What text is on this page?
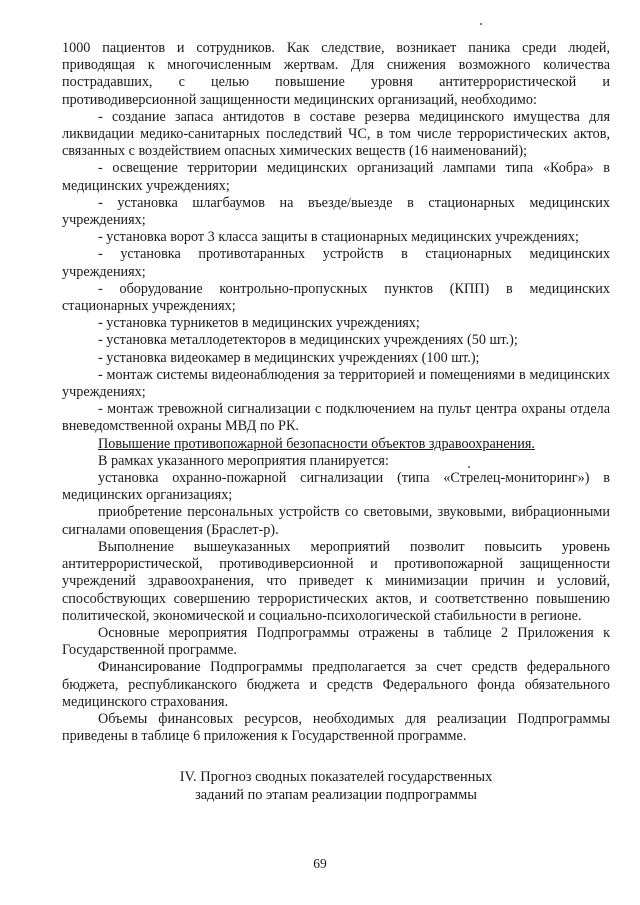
1000 пациентов и сотрудников. Как следствие, возникает паника среди людей, приводящая к многочисленным жертвам. Для снижения возможного количества пострадавших, с целью повышение уровня антитеррористической и противодиверсионной защищенности медицинских организаций, необходимо:

- создание запаса антидотов в составе резерва медицинского имущества для ликвидации медико-санитарных последствий ЧС, в том числе террористических актов, связанных с воздействием опасных химических веществ (16 наименований);

- освещение территории медицинских организаций лампами типа «Кобра» в медицинских учреждениях;

- установка шлагбаумов на въезде/выезде в стационарных медицинских учреждениях;

- установка ворот 3 класса защиты в стационарных медицинских учреждениях;

- установка противотаранных устройств в стационарных медицинских учреждениях;

- оборудование контрольно-пропускных пунктов (КПП) в медицинских стационарных учреждениях;

- установка турникетов в медицинских учреждениях;

- установка металлодетекторов в медицинских учреждениях (50 шт.);

- установка видеокамер в медицинских учреждениях (100 шт.);

- монтаж системы видеонаблюдения за территорией и помещениями в медицинских учреждениях;

- монтаж тревожной сигнализации с подключением на пульт центра охраны отдела вневедомственной охраны МВД по РК.

Повышение противопожарной безопасности объектов здравоохранения.

В рамках указанного мероприятия планируется:

установка охранно-пожарной сигнализации (типа «Стрелец-мониторинг») в медицинских организациях;

приобретение персональных устройств со световыми, звуковыми, вибрационными сигналами оповещения (Браслет-р).

Выполнение вышеуказанных мероприятий позволит повысить уровень антитеррористической, противодиверсионной и противопожарной защищенности учреждений здравоохранения, что приведет к минимизации причин и условий, способствующих совершению террористических актов, и соответственно повышению политической, экономической и социально-психологической стабильности в регионе.

Основные мероприятия Подпрограммы отражены в таблице 2 Приложения к Государственной программе.

Финансирование Подпрограммы предполагается за счет средств федерального бюджета, республиканского бюджета и средств Федерального фонда обязательного медицинского страхования.

Объемы финансовых ресурсов, необходимых для реализации Подпрограммы приведены в таблице 6 приложения к Государственной программе.

IV. Прогноз сводных показателей государственных
заданий по этапам реализации подпрограммы
69
